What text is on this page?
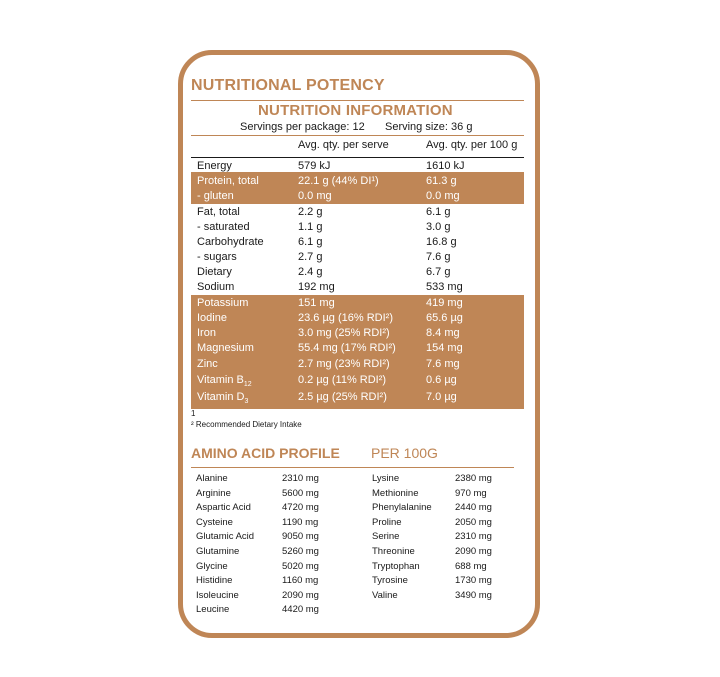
NUTRITIONAL POTENCY
NUTRITION INFORMATION
Servings per package: 12 Serving size: 36 g
Avg. qty. per serve	Avg. qty. per 100 g
Energy	579 kJ	1610 kJ
Protein, total	22.1 g (44% DI¹)	61.3 g
- gluten	0.0 mg	0.0 mg
Fat, total	2.2 g	6.1 g
- saturated	1.1 g	3.0 g
Carbohydrate	6.1 g	16.8 g
- sugars	2.7 g	7.6 g
Dietary	2.4 g	6.7 g
Sodium	192 mg	533 mg
Potassium	151 mg	419 mg
Iodine	23.6 µg (16% RDI²)	65.6 µg
Iron	3.0 mg (25% RDI²)	8.4 mg
Magnesium	55.4 mg (17% RDI²)	154 mg
Zinc	2.7 mg (23% RDI²)	7.6 mg
Vitamin $B_{12}$	0.2 µg (11% RDI²)	0.6 µg
Vitamin $D_3$	2.5 µg (25% RDI²)	7.0 µg
1
² Recommended Dietary Intake
AMINO ACID PROFILE PER 100G
Alanine	2310 mg
Arginine	5600 mg
Aspartic Acid	4720 mg
Cysteine	1190 mg
Glutamic Acid	9050 mg
Glutamine	5260 mg
Glycine	5020 mg
Histidine	1160 mg
Isoleucine	2090 mg
Leucine	4420 mg
Lysine	2380 mg
Methionine	970 mg
Phenylalanine 2440 mg
Proline	2050 mg
Serine	2310 mg
Threonine	2090 mg
Tryptophan	688 mg
Tyrosine	1730 mg
Valine	3490 mg
